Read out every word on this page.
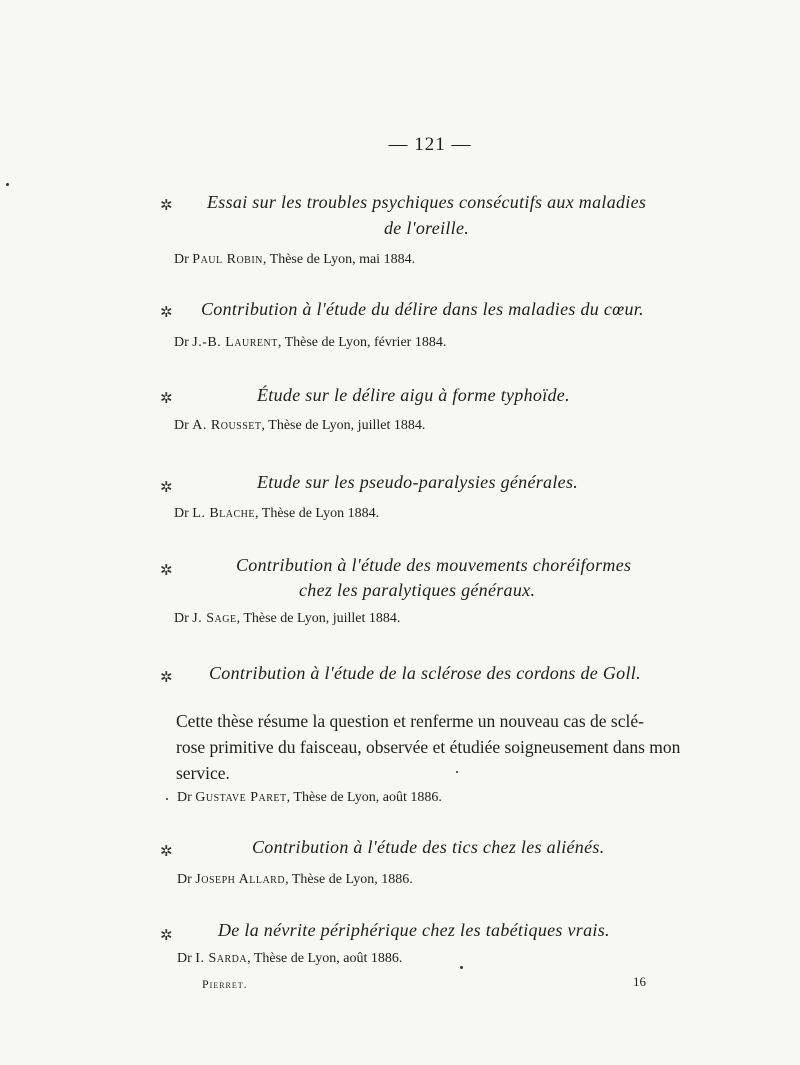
— 121 —
✲ Essai sur les troubles psychiques consécutifs aux maladies
de l'oreille.
Dr Paul Robin, Thèse de Lyon, mai 1884.
✲ Contribution à l'étude du délire dans les maladies du cœur.
Dr J.-B. Laurent, Thèse de Lyon, février 1884.
✲	Étude sur le délire aigu à forme typhoïde.
Dr A. Rousset, Thèse de Lyon, juillet 1884.
✲	Etude sur les pseudo-paralysies générales.
Dr L. Blache, Thèse de Lyon 1884.
✲	Contribution à l'étude des mouvements choréiformes
chez les paralytiques généraux.
Dr J. Sage, Thèse de Lyon, juillet 1884.
✲ Contribution à l'étude de la sclérose des cordons de Goll.
Cette thèse résume la question et renferme un nouveau cas de sclé-
rose primitive du faisceau, observée et étudiée soigneusement dans mon
service.
Dr Gustave Paret, Thèse de Lyon, août 1886.
✲	Contribution à l'étude des tics chez les aliénés.
Dr Joseph Allard, Thèse de Lyon, 1886.
✲	De la névrite périphérique chez les tabétiques vrais.
Dr I. Sarda, Thèse de Lyon, août 1886.
Pierret.	16
